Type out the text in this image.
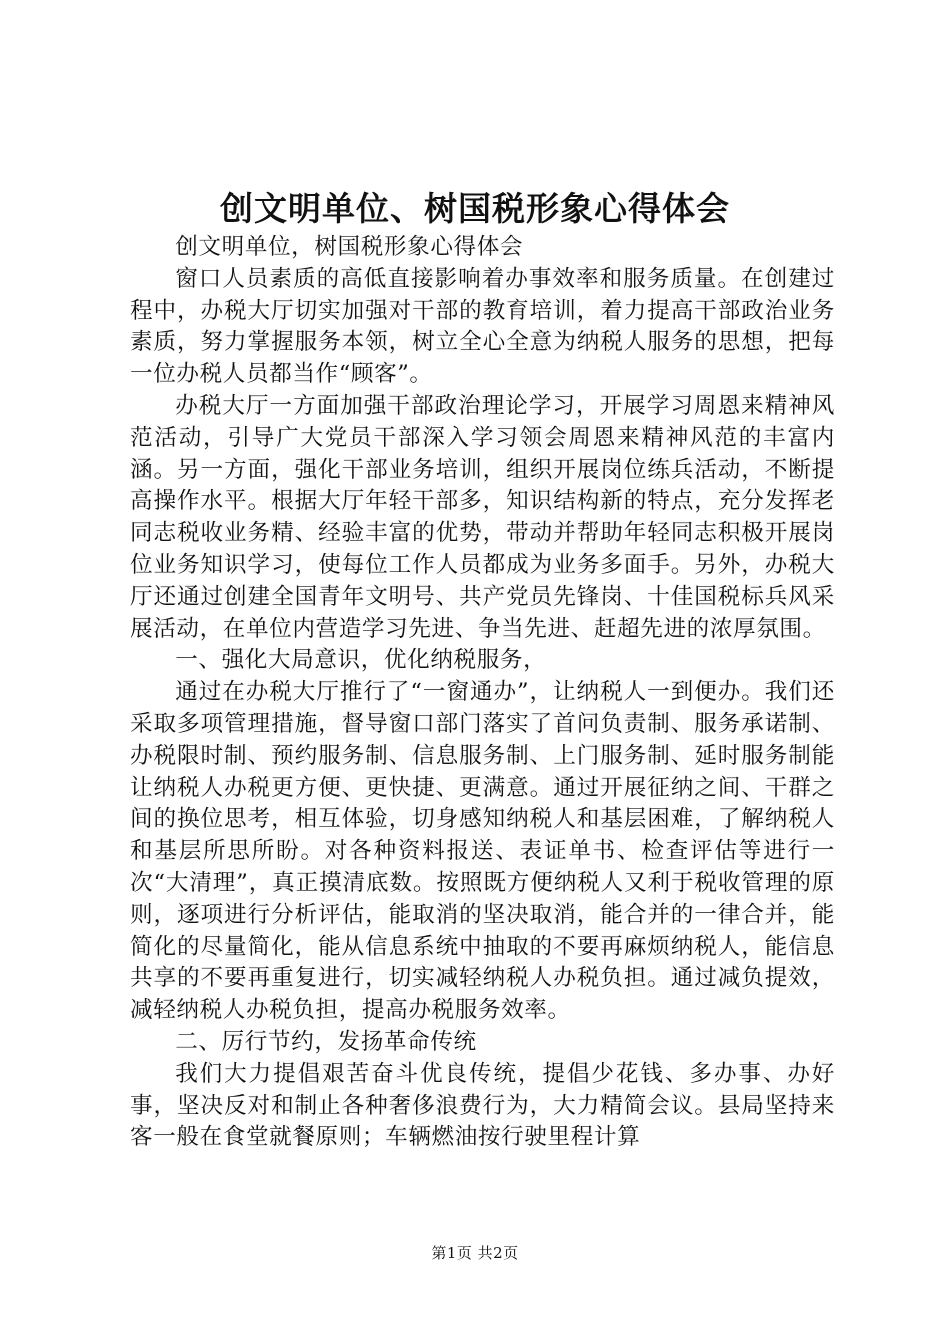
创文明单位、树国税形象心得体会

创文明单位，树国税形象心得体会

窗口人员素质的高低直接影响着办事效率和服务质量。在创建过程中，办税大厅切实加强对干部的教育培训，着力提高干部政治业务素质，努力掌握服务本领，树立全心全意为纳税人服务的思想，把每一位办税人员都当作“顾客”。

办税大厅一方面加强干部政治理论学习，开展学习周恩来精神风范活动，引导广大党员干部深入学习领会周恩来精神风范的丰富内涵。另一方面，强化干部业务培训，组织开展岗位练兵活动，不断提高操作水平。根据大厅年轻干部多，知识结构新的特点，充分发挥老同志税收业务精、经验丰富的优势，带动并帮助年轻同志积极开展岗位业务知识学习，使每位工作人员都成为业务多面手。另外，办税大厅还通过创建全国青年文明号、共产党员先锋岗、十佳国税标兵风采展活动，在单位内营造学习先进、争当先进、赶超先进的浓厚氛围。

一、强化大局意识，优化纳税服务，

通过在办税大厅推行了“一窗通办”，让纳税人一到便办。我们还采取多项管理措施，督导窗口部门落实了首问负责制、服务承诺制、办税限时制、预约服务制、信息服务制、上门服务制、延时服务制能让纳税人办税更方便、更快捷、更满意。通过开展征纳之间、干群之间的换位思考，相互体验，切身感知纳税人和基层困难，了解纳税人和基层所思所盼。对各种资料报送、表证单书、检查评估等进行一次“大清理”，真正摸清底数。按照既方便纳税人又利于税收管理的原则，逐项进行分析评估，能取消的坚决取消，能合并的一律合并，能简化的尽量简化，能从信息系统中抽取的不要再麻烦纳税人，能信息共享的不要再重复进行，切实减轻纳税人办税负担。通过减负提效，减轻纳税人办税负担，提高办税服务效率。

二、厉行节约，发扬革命传统

我们大力提倡艰苦奋斗优良传统，提倡少花钱、多办事、办好事，坚决反对和制止各种奢侈浪费行为，大力精简会议。县局坚持来客一般在食堂就餐原则；车辆燃油按行驶里程计算

第1页 共2页
